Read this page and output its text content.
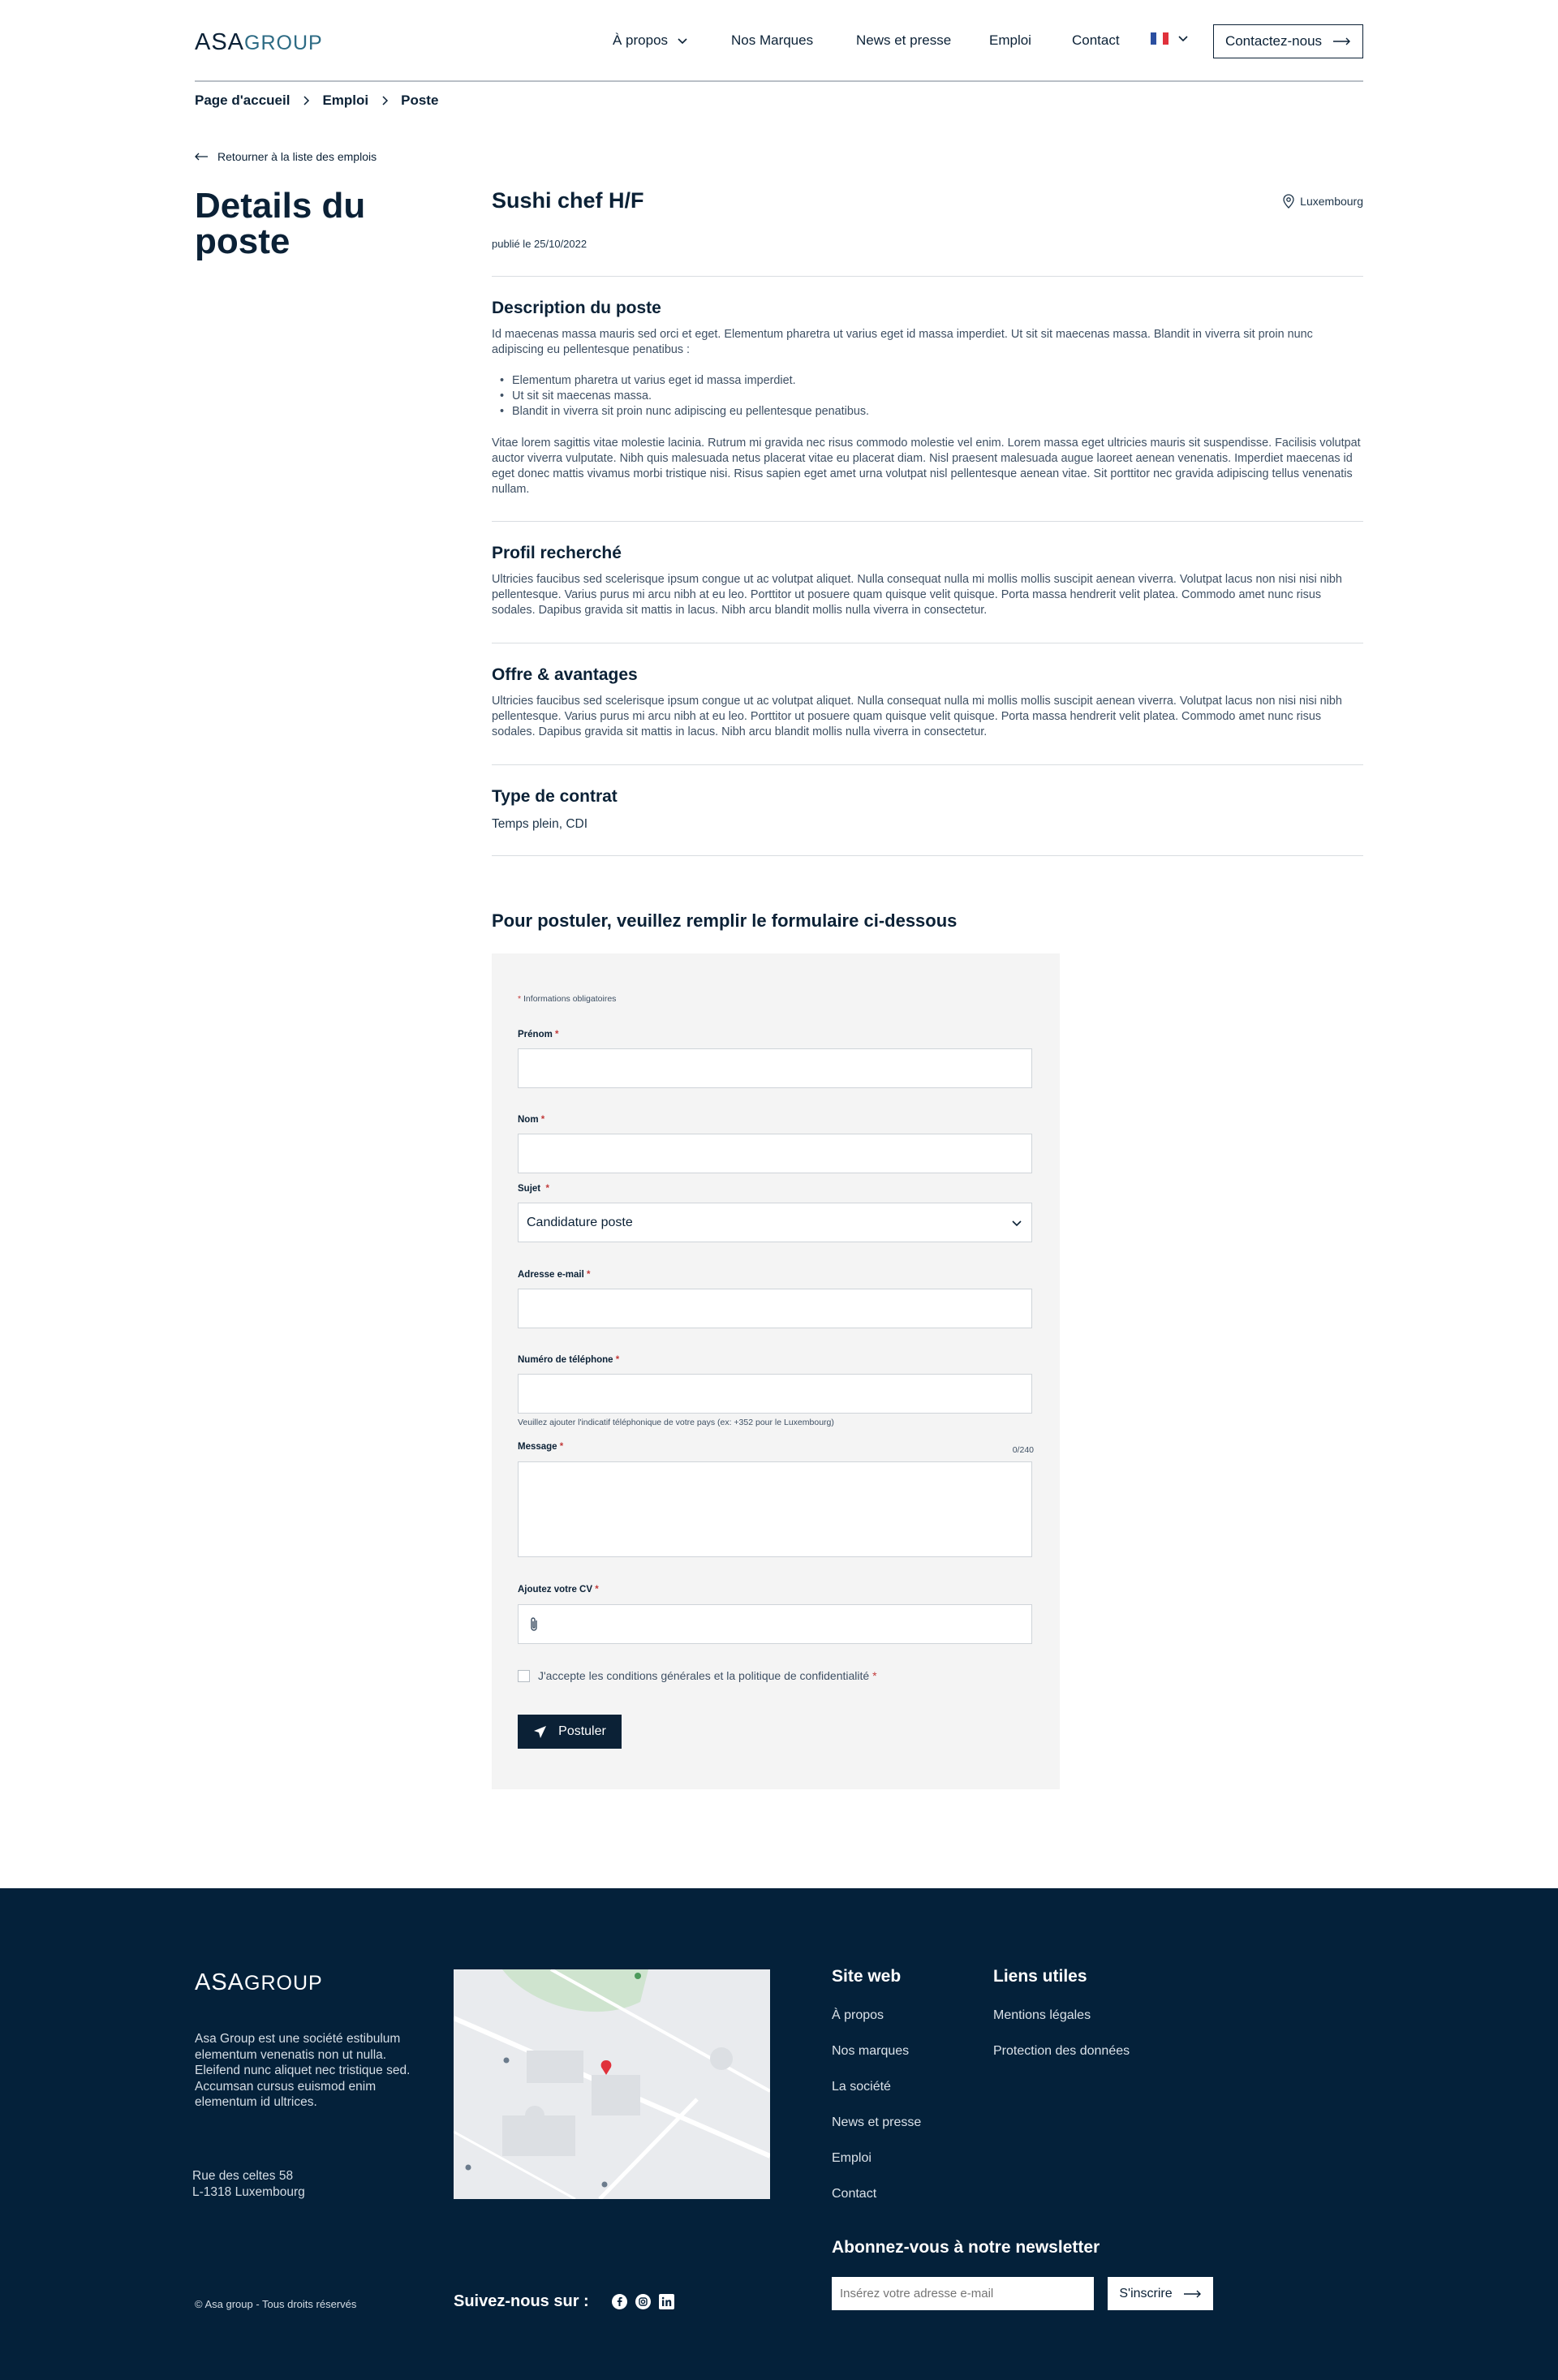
ASAGROUP	À propos	Nos Marques	News et presse	Emploi	Contact	Contactez-nous
Page d'accueil Emploi Poste
Retourner à la liste des emplois
Details du poste
Sushi chef H/F	Luxembourg
publié le 25/10/2022
Description du poste

Id maecenas massa mauris sed orci et eget. Elementum pharetra ut varius eget id massa imperdiet. Ut sit sit maecenas massa. Blandit in viverra sit proin nunc adipiscing eu pellentesque penatibus :

• Elementum pharetra ut varius eget id massa imperdiet.
• Ut sit sit maecenas massa.
• Blandit in viverra sit proin nunc adipiscing eu pellentesque penatibus.

Vitae lorem sagittis vitae molestie lacinia. Rutrum mi gravida nec risus commodo molestie vel enim. Lorem massa eget ultricies mauris sit suspendisse. Facilisis volutpat auctor viverra vulputate. Nibh quis malesuada netus placerat vitae eu placerat diam. Nisl praesent malesuada augue laoreet aenean venenatis. Imperdiet maecenas id eget donec mattis vivamus morbi tristique nisi. Risus sapien eget amet urna volutpat nisl pellentesque aenean vitae. Sit porttitor nec gravida adipiscing tellus venenatis nullam.

Profil recherché

Ultricies faucibus sed scelerisque ipsum congue ut ac volutpat aliquet. Nulla consequat nulla mi mollis mollis suscipit aenean viverra. Volutpat lacus non nisi nisi nibh pellentesque. Varius purus mi arcu nibh at eu leo. Porttitor ut posuere quam quisque velit quisque. Porta massa hendrerit velit platea. Commodo amet nunc risus sodales. Dapibus gravida sit mattis in lacus. Nibh arcu blandit mollis nulla viverra in consectetur.

Offre & avantages

Ultricies faucibus sed scelerisque ipsum congue ut ac volutpat aliquet. Nulla consequat nulla mi mollis mollis suscipit aenean viverra. Volutpat lacus non nisi nisi nibh pellentesque. Varius purus mi arcu nibh at eu leo. Porttitor ut posuere quam quisque velit quisque. Porta massa hendrerit velit platea. Commodo amet nunc risus sodales. Dapibus gravida sit mattis in lacus. Nibh arcu blandit mollis nulla viverra in consectetur.

Type de contrat

Temps plein, CDI

Pour postuler, veuillez remplir le formulaire ci-dessous
* Informations obligatoires
Prénom *
Nom *
Sujet *
Candidature poste
Adresse e-mail *
Numéro de téléphone *
Veuillez ajouter l'indicatif téléphonique de votre pays (ex: +352 pour le Luxembourg)
Message *	0/240
Ajoutez votre CV *
J'accepte les conditions générales et la politique de confidentialité *
Postuler
ASAGROUP

Asa Group est une société estibulum elementum venenatis non ut nulla. Eleifend nunc aliquet nec tristique sed. Accumsan cursus euismod enim elementum id ultrices.

Rue des celtes 58
L-1318 Luxembourg
Site web
À propos
Nos marques
La société
News et presse
Emploi
Contact
Liens utiles
Mentions légales
Protection des données
Abonnez-vous à notre newsletter
Insérez votre adresse e-mail
S'inscrire
© Asa group - Tous droits réservés	Suivez-nous sur :
